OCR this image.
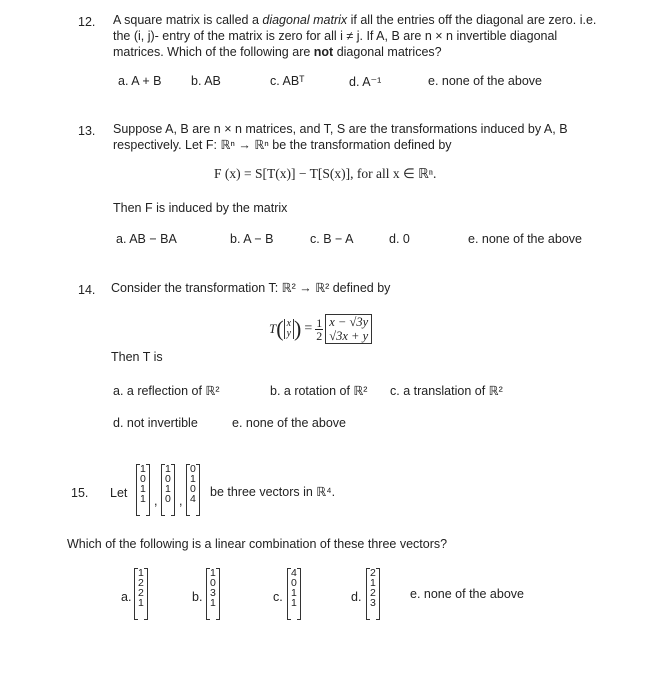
12. A square matrix is called a diagonal matrix if all the entries off the diagonal are zero. i.e.
the (i, j)- entry of the matrix is zero for all i ≠ j. If A, B are n × n invertible diagonal
matrices. Which of the following are not diagonal matrices?
a. A + B b. AB	c. ABᵀ	d. A⁻¹	e. none of the above
13. Suppose A, B are n × n matrices, and T, S are the transformations induced by A, B
respectively. Let F: ℝⁿ → ℝⁿ be the transformation defined by
F (x) = S[T(x)] − T[S(x)], for all x ∈ ℝⁿ.
Then F is induced by the matrix
a. AB − BA	b. A − B	c. B − A	d. 0	e. none of the above
14. Consider the transformation T: ℝ² → ℝ² defined by
T ( x
y ) = $\frac{1}{2}$ x − √3y
√3x + y
Then T is
a. a reflection of ℝ²	b. a rotation of ℝ² c. a translation of ℝ²
d. not invertible	e. none of the above
15. Let
1
0
1
1 ,
1
0
1
0 ,
0
1
0
4 be three vectors in ℝ⁴.
Which of the following is a linear combination of these three vectors?
a.
1
2
2
1	b.
1
0
3
1	c.
4
0
1
1	d.
2
1
2
3
e. none of the above
